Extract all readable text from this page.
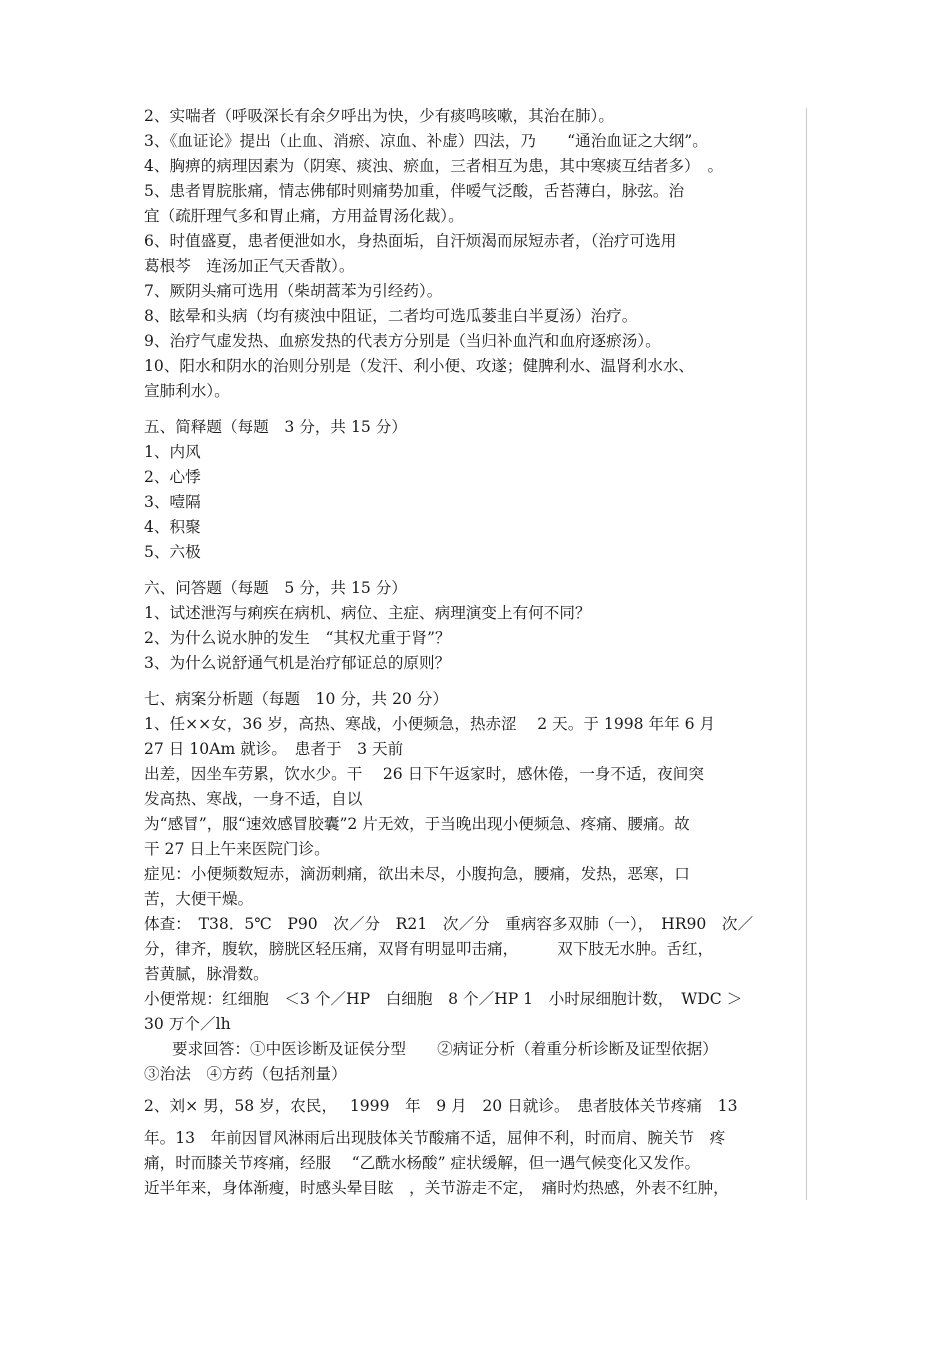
2、实喘者（呼吸深长有余夕呼出为快，少有痰鸣咳嗽，其治在肺）。
3、《血证论》提出（止血、消瘀、凉血、补虚）四法，乃　　“通治血证之大纲”。
4、胸痹的病理因素为（阴寒、痰浊、瘀血，三者相互为患，其中寒痰互结者多）　。
5、患者胃脘胀痛，情志佛郁时则痛势加重，伴嗳气泛酸，舌苔薄白，脉弦。治
宜（疏肝理气多和胃止痛，方用益胃汤化裁）。
6、时值盛夏，患者便泄如水，身热面垢，自汗烦渴而尿短赤者，（治疗可选用
葛根芩　连汤加正气天香散）。
7、厥阴头痛可选用（柴胡蒿苯为引经药）。
8、眩晕和头病（均有痰浊中阻证，二者均可选瓜蒌韭白半夏汤）治疗。
9、治疗气虚发热、血瘀发热的代表方分别是（当归补血汽和血府逐瘀汤）。
10、阳水和阴水的治则分别是（发汗、利小便、攻遂；健脾利水、温肾利水水、
宣肺利水）。
五、简释题（每题　3 分，共 15 分）
1、内风
2、心悸
3、噎隔
4、积聚
5、六极
六、问答题（每题　5 分，共 15 分）
1、试述泄泻与痢疾在病机、病位、主症、病理演变上有何不同？
2、为什么说水肿的发生　“其权尤重于肾”？
3、为什么说舒通气机是治疗郁证总的原则？
七、病案分析题（每题　10 分，共 20 分）
1、任××女，36 岁，高热、寒战，小便频急，热赤涩　 2 天。于 1998 年年 6 月
27 日 10Am 就诊。　患者于　3 天前
出差，因坐车劳累，饮水少。干　 26 日下午返家时，感休倦，一身不适，夜间突
发高热、寒战，一身不适，自以
为“感冒”，服“速效感冒胶囊”2 片无效，于当晚出现小便频急、疼痛、腰痛。故
干 27 日上午来医院门诊。
症见：小便频数短赤，滴沥刺痛，欲出未尽，小腹拘急，腰痛，发热，恶寒，口
苦，大便干燥。
体查：　T38．5℃　P90　次／分　R21　次／分　重病容多双肺（一），　HR90　次／
分，律齐，腹软，膀胱区轻压痛，双肾有明显叩击痛，　　　双下肢无水肿。舌红，
苔黄腻，脉滑数。
小便常规：红细胞　＜3 个／HP　白细胞　8 个／HP 1　小时尿细胞计数，　WDC ＞
30 万个／lh
要求回答：①中医诊断及证侯分型　　②病证分析（着重分析诊断及证型依据）
③治法　④方药（包括剂量）
2、刘× 男，58 岁，农民，　 1999　年　9 月　20 日就诊。　患者肢体关节疼痛　13
年。13　年前因冒风淋雨后出现肢体关节酸痛不适，屈伸不利，时而肩、腕关节　疼
痛，时而膝关节疼痛，经服　 “乙酰水杨酸” 症状缓解，但一遇气候变化又发作。
近半年来，身体渐瘦，时感头晕目眩　，关节游走不定，　痛时灼热感，外表不红肿，
